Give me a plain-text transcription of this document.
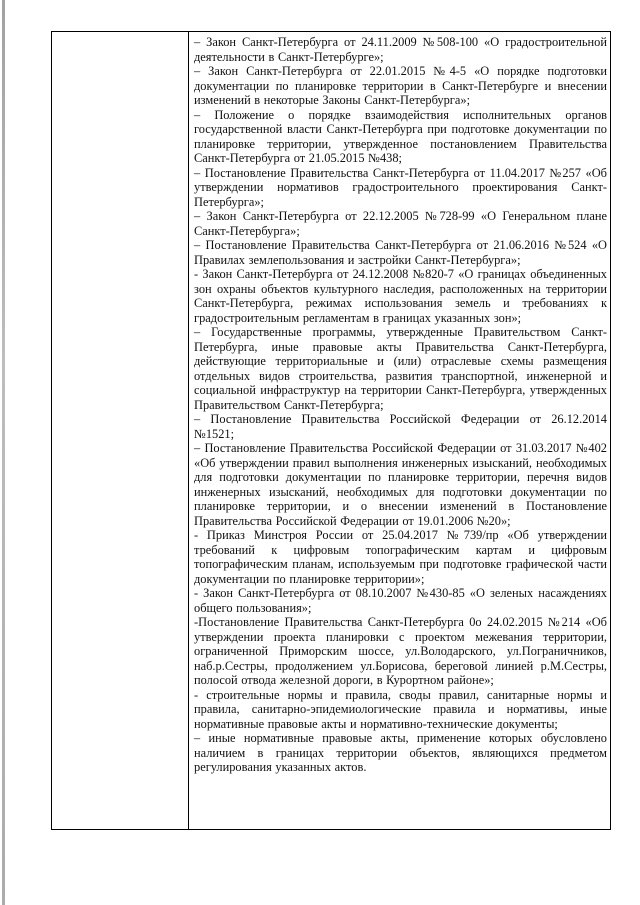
– Закон Санкт-Петербурга от 24.11.2009 №508-100 «О градостроительной деятельности в Санкт-Петербурге»;

– Закон Санкт-Петербурга от 22.01.2015 №4-5 «О порядке подготовки документации по планировке территории в Санкт-Петербурге и внесении изменений в некоторые Законы Санкт-Петербурга»;

– Положение о порядке взаимодействия исполнительных органов государственной власти Санкт-Петербурга при подготовке документации по планировке территории, утвержденное постановлением Правительства Санкт-Петербурга от 21.05.2015 №438;

– Постановление Правительства Санкт-Петербурга от 11.04.2017 №257 «Об утверждении нормативов градостроительного проектирования Санкт-Петербурга»;

– Закон Санкт-Петербурга от 22.12.2005 №728-99 «О Генеральном плане Санкт-Петербурга»;

– Постановление Правительства Санкт-Петербурга от 21.06.2016 №524 «О Правилах землепользования и застройки Санкт-Петербурга»;

- Закон Санкт-Петербурга от 24.12.2008 №820-7 «О границах объединенных зон охраны объектов культурного наследия, расположенных на территории Санкт-Петербурга, режимах использования земель и требованиях к градостроительным регламентам в границах указанных зон»;

– Государственные программы, утвержденные Правительством Санкт-Петербурга, иные правовые акты Правительства Санкт-Петербурга, действующие территориальные и (или) отраслевые схемы размещения отдельных видов строительства, развития транспортной, инженерной и социальной инфраструктур на территории Санкт-Петербурга, утвержденных Правительством Санкт-Петербурга;

– Постановление Правительства Российской Федерации от 26.12.2014 №1521;

– Постановление Правительства Российской Федерации от 31.03.2017 №402 «Об утверждении правил выполнения инженерных изысканий, необходимых для подготовки документации по планировке территории, перечня видов инженерных изысканий, необходимых для подготовки документации по планировке территории, и о внесении изменений в Постановление Правительства Российской Федерации от 19.01.2006 №20»;

- Приказ Минстроя России от 25.04.2017 №739/пр «Об утверждении требований к цифровым топографическим картам и цифровым топографическим планам, используемым при подготовке графической части документации по планировке территории»;

- Закон Санкт-Петербурга от 08.10.2007 №430-85 «О зеленых насаждениях общего пользования»;

-Постановление Правительства Санкт-Петербурга 0о 24.02.2015 №214 «Об утверждении проекта планировки с проектом межевания территории, ограниченной Приморским шоссе, ул.Володарского, ул.Пограничников, наб.р.Сестры, продолжением ул.Борисова, береговой линией р.М.Сестры, полосой отвода железной дороги, в Курортном районе»;

- строительные нормы и правила, своды правил, санитарные нормы и правила, санитарно-эпидемиологические правила и нормативы, иные нормативные правовые акты и нормативно-технические документы;

– иные нормативные правовые акты, применение которых обусловлено наличием в границах территории объектов, являющихся предметом регулирования указанных актов.
